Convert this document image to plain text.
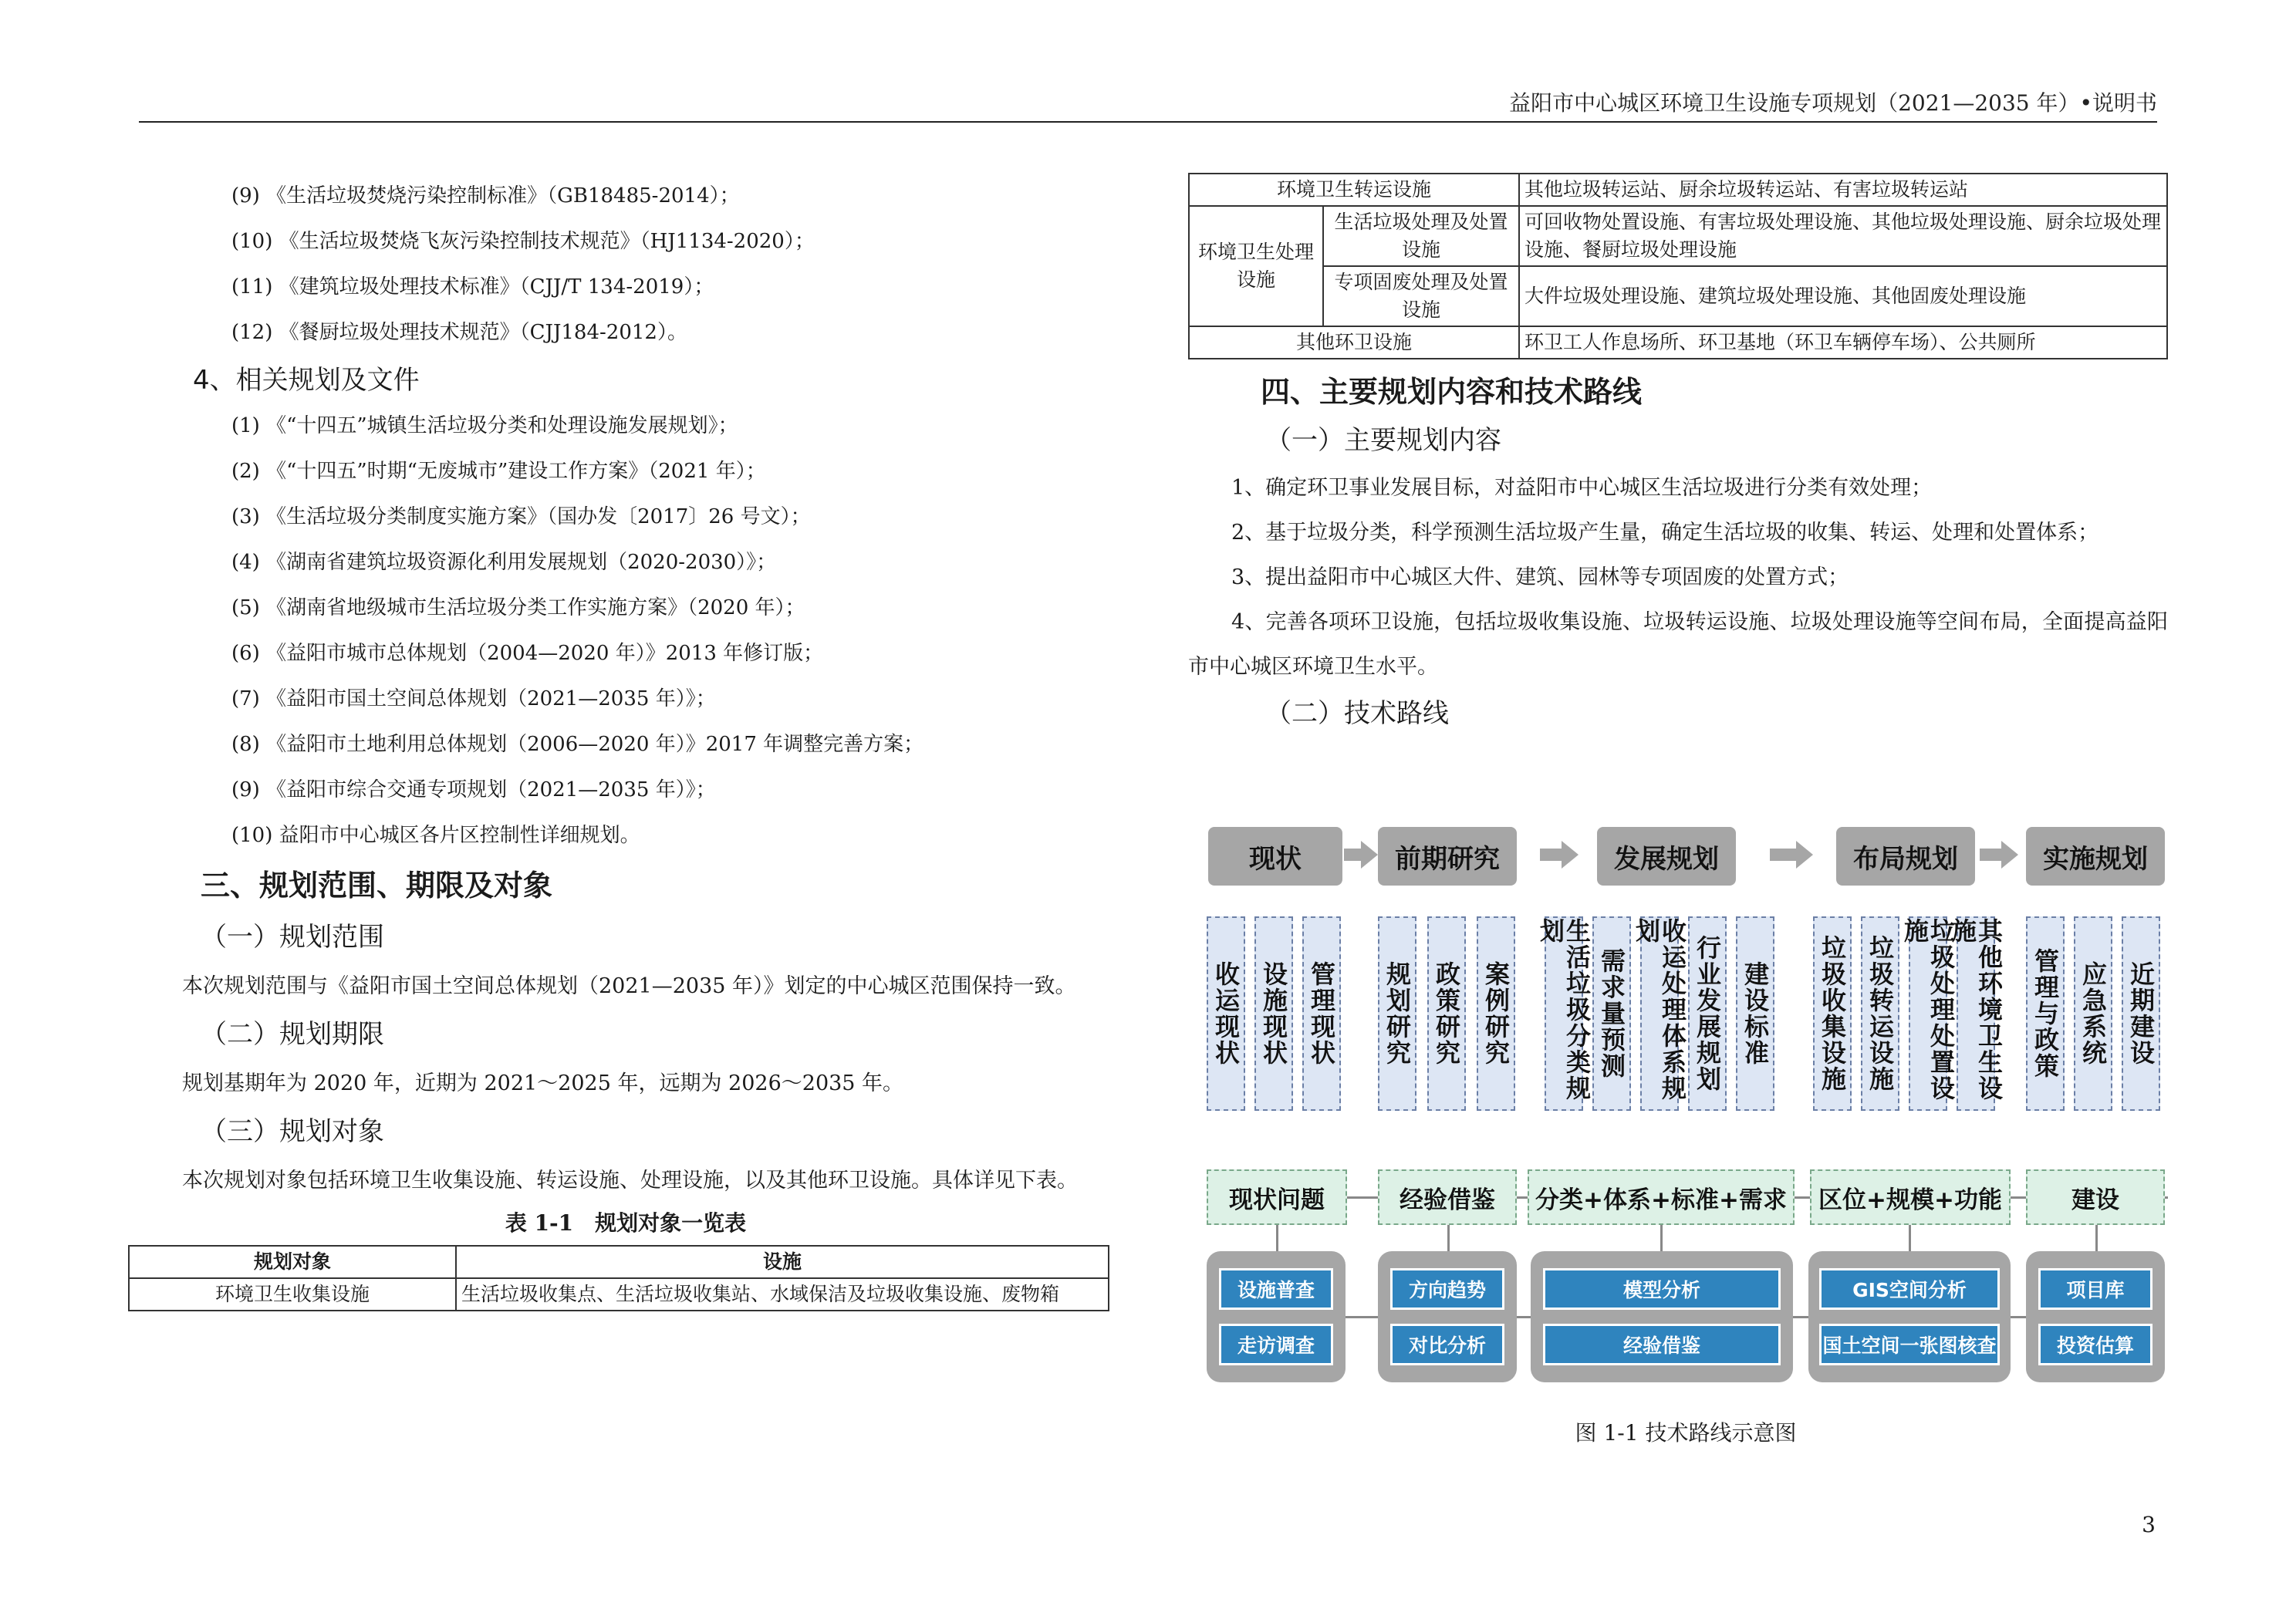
益阳市中心城区环境卫生设施专项规划（2021—2035 年）•说明书
(9) 《生活垃圾焚烧污染控制标准》（GB18485-2014）；
(10) 《生活垃圾焚烧飞灰污染控制技术规范》（HJ1134-2020）；
(11) 《建筑垃圾处理技术标准》（CJJ/T 134-2019）；
(12) 《餐厨垃圾处理技术规范》（CJJ184-2012）。
4、相关规划及文件
(1) 《“十四五”城镇生活垃圾分类和处理设施发展规划》；
(2) 《“十四五”时期“无废城市”建设工作方案》（2021 年）；
(3) 《生活垃圾分类制度实施方案》（国办发〔2017〕26 号文）；
(4) 《湖南省建筑垃圾资源化利用发展规划（2020-2030）》；
(5) 《湖南省地级城市生活垃圾分类工作实施方案》（2020 年）；
(6) 《益阳市城市总体规划（2004—2020 年）》2013 年修订版；
(7) 《益阳市国土空间总体规划（2021—2035 年）》；
(8) 《益阳市土地利用总体规划（2006—2020 年）》2017 年调整完善方案；
(9) 《益阳市综合交通专项规划（2021—2035 年）》；
(10) 益阳市中心城区各片区控制性详细规划。
三、规划范围、期限及对象
（一）规划范围

本次规划范围与《益阳市国土空间总体规划（2021—2035 年）》划定的中心城区范围保持一致。

（二）规划期限

规划基期年为 2020 年，近期为 2021～2025 年，远期为 2026～2035 年。

（三）规划对象

本次规划对象包括环境卫生收集设施、转运设施、处理设施，以及其他环卫设施。具体详见下表。

表 1-1　规划对象一览表
规划对象	设施
环境卫生收集设施	生活垃圾收集点、生活垃圾收集站、水域保洁及垃圾收集设施、废物箱
环境卫生转运设施		其他垃圾转运站、厨余垃圾转运站、有害垃圾转运站
环境卫生处理设施	生活垃圾处理及处置设施	可回收物处置设施、有害垃圾处理设施、其他垃圾处理设施、厨余垃圾处理设施、餐厨垃圾处理设施
	专项固废处理及处置设施	大件垃圾处理设施、建筑垃圾处理设施、其他固废处理设施
其他环卫设施		环卫工人作息场所、环卫基地（环卫车辆停车场）、公共厕所
四、主要规划内容和技术路线
（一）主要规划内容

1、确定环卫事业发展目标，对益阳市中心城区生活垃圾进行分类有效处理；

2、基于垃圾分类，科学预测生活垃圾产生量，确定生活垃圾的收集、转运、处理和处置体系；

3、提出益阳市中心城区大件、建筑、园林等专项固废的处置方式；

4、完善各项环卫设施，包括垃圾收集设施、垃圾转运设施、垃圾处理设施等空间布局，全面提高益阳市中心城区环境卫生水平。

（二）技术路线
现状	前期研究	发展规划	布局规划	实施规划
收运现状 设施现状 管理现状 规划研究 政策研究 案例研究	生活垃圾分类规划
需求量预测	收运处理体系规划
行业发展规划 建设标准 垃圾收集设施 垃圾转运设施	垃圾处理处置设施	其他环境卫生设施
管理与政策 应急系统 近期建设
现状问题	经验借鉴	分类+体系+标准+需求	区位+规模+功能	建设
设施普查
走访调查
方向趋势
对比分析
模型分析
经验借鉴
GIS空间分析
国土空间一张图核查
项目库
投资估算
图 1-1 技术路线示意图
3
